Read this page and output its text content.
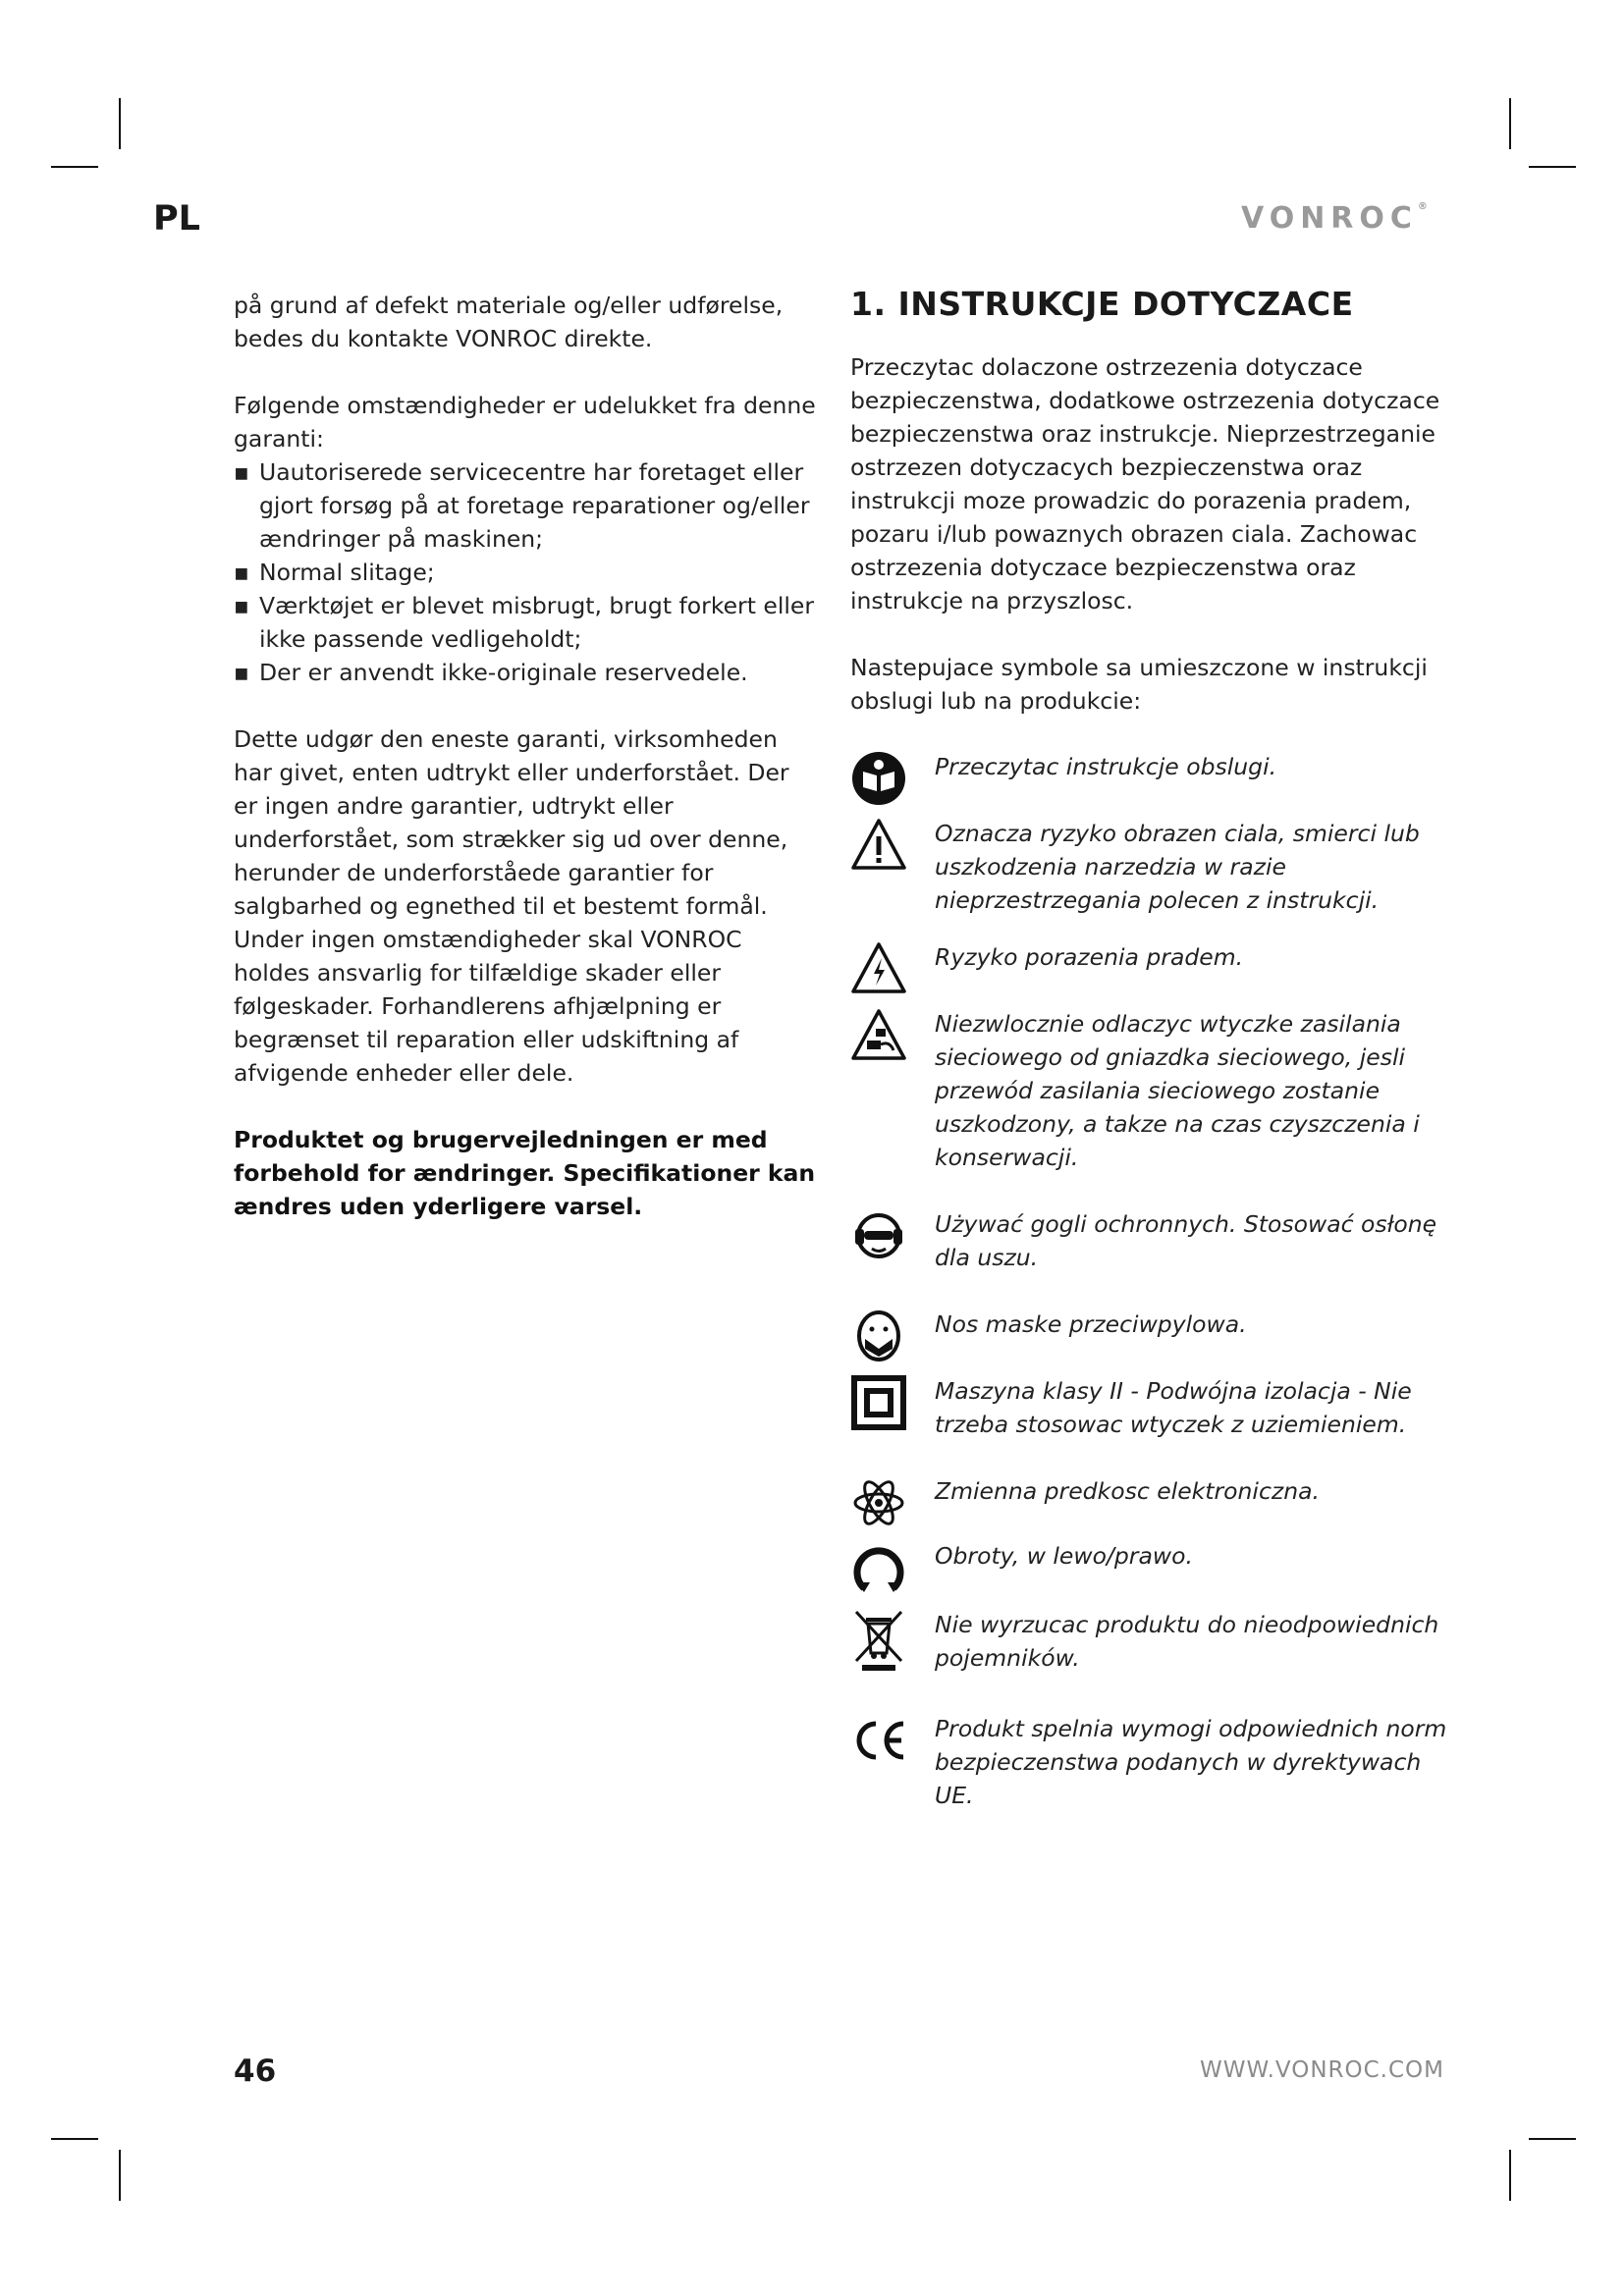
PL	VONROC®

på grund af defekt materiale og/eller udførelse, bedes du kontakte VONROC direkte.

Følgende omstændigheder er udelukket fra denne garanti:

▪ Uautoriserede servicecentre har foretaget eller gjort forsøg på at foretage reparationer og/eller ændringer på maskinen;
▪ Normal slitage;
▪ Værktøjet er blevet misbrugt, brugt forkert eller ikke passende vedligeholdt;
▪ Der er anvendt ikke-originale reservedele.

Dette udgør den eneste garanti, virksomheden har givet, enten udtrykt eller underforstået. Der er ingen andre garantier, udtrykt eller underforstået, som strækker sig ud over denne, herunder de underforståede garantier for salgbarhed og egnethed til et bestemt formål. Under ingen omstændigheder skal VONROC holdes ansvarlig for tilfældige skader eller følgeskader. Forhandlerens afhjælpning er begrænset til reparation eller udskiftning af afvigende enheder eller dele.

Produktet og brugervejledningen er med forbehold for ændringer. Specifikationer kan ændres uden yderligere varsel.

1. INSTRUKCJE DOTYCZACE

Przeczytac dolaczone ostrzezenia dotyczace bezpieczenstwa, dodatkowe ostrzezenia dotyczace bezpieczenstwa oraz instrukcje. Nieprzestrzeganie ostrzezen dotyczacych bezpieczenstwa oraz instrukcji moze prowadzic do porazenia pradem, pozaru i/lub powaznych obrazen ciala. Zachowac ostrzezenia dotyczace bezpieczenstwa oraz instrukcje na przyszlosc.

Nastepujace symbole sa umieszczone w instrukcji obslugi lub na produkcie:

Przeczytac instrukcje obslugi.
Oznacza ryzyko obrazen ciala, smierci lub uszkodzenia narzedzia w razie nieprzestrzegania polecen z instrukcji.
Ryzyko porazenia pradem.
Niezwlocznie odlaczyc wtyczke zasilania sieciowego od gniazdka sieciowego, jesli przewód zasilania sieciowego zostanie uszkodzony, a takze na czas czyszczenia i konserwacji.
Używać gogli ochronnych. Stosować osłonę dla uszu.
Nos maske przeciwpylowa.
Maszyna klasy II - Podwójna izolacja - Nie trzeba stosowac wtyczek z uziemieniem.
Zmienna predkosc elektroniczna.
Obroty, w lewo/prawo.
Nie wyrzucac produktu do nieodpowiednich pojemników.
Produkt spelnia wymogi odpowiednich norm bezpieczenstwa podanych w dyrektywach UE.
46	WWW.VONROC.COM
